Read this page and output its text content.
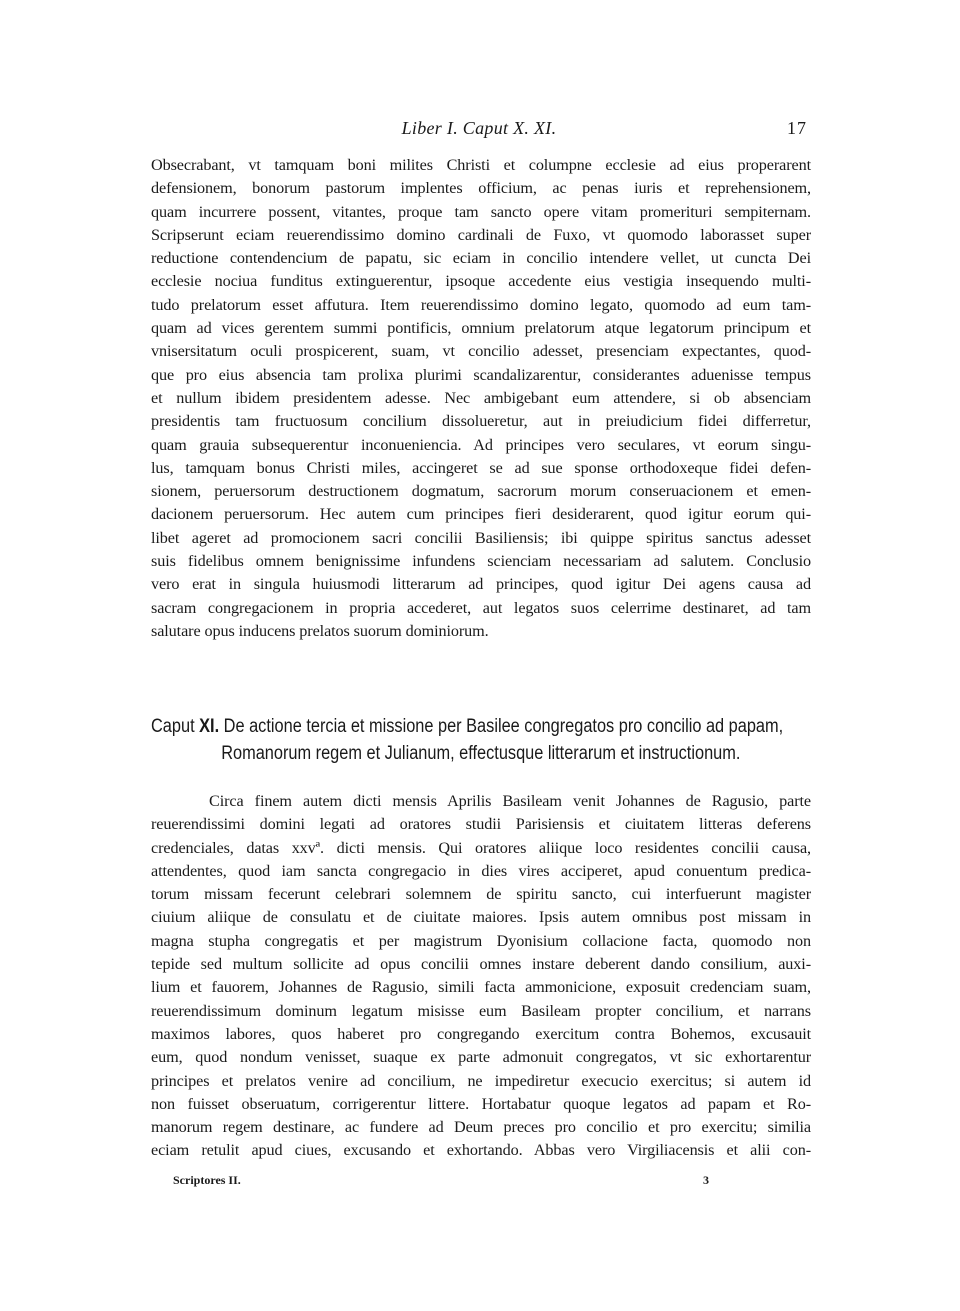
Liber I. Caput X. XI.	17
Obsecrabant, vt tamquam boni milites Christi et columpne ecclesie ad eius properarent
defensionem, bonorum pastorum implentes officium, ac penas iuris et reprehensionem,
quam incurrere possent, vitantes, proque tam sancto opere vitam promerituri sempiternam.
Scripserunt eciam reuerendissimo domino cardinali de Fuxo, vt quomodo laborasset super
reductione contendencium de papatu, sic eciam in concilio intendere vellet, ut cuncta Dei
ecclesie nociua funditus extinguerentur, ipsoque accedente eius vestigia insequendo multi-
tudo prelatorum esset affutura. Item reuerendissimo domino legato, quomodo ad eum tam-
quam ad vices gerentem summi pontificis, omnium prelatorum atque legatorum principum et
vnisersitatum oculi prospicerent, suam, vt concilio adesset, presenciam expectantes, quod-
que pro eius absencia tam prolixa plurimi scandalizarentur, considerantes aduenisse tempus
et nullum ibidem presidentem adesse. Nec ambigebant eum attendere, si ob absenciam
presidentis tam fructuosum concilium dissolueretur, aut in preiudicium fidei differretur,
quam grauia subsequerentur inconueniencia. Ad principes vero seculares, vt eorum singu-
lus, tamquam bonus Christi miles, accingeret se ad sue sponse orthodoxeque fidei defen-
sionem, peruersorum destructionem dogmatum, sacrorum morum conseruacionem et emen-
dacionem peruersorum. Hec autem cum principes fieri desiderarent, quod igitur eorum qui-
libet ageret ad promocionem sacri concilii Basiliensis; ibi quippe spiritus sanctus adesset
suis fidelibus omnem benignissime infundens scienciam necessariam ad salutem. Conclusio
vero erat in singula huiusmodi litterarum ad principes, quod igitur Dei agens causa ad
sacram congregacionem in propria accederet, aut legatos suos celerrime destinaret, ad tam
salutare opus inducens prelatos suorum dominiorum.
Caput XI. De actione tercia et missione per Basilee congregatos pro concilio ad papam,
Romanorum regem et Julianum, effectusque litterarum et instructionum.
Circa finem autem dicti mensis Aprilis Basileam venit Johannes de Ragusio, parte
reuerendissimi domini legati ad oratores studii Parisiensis et ciuitatem litteras deferens
credenciales, datas xxvª. dicti mensis. Qui oratores aliique loco residentes concilii causa,
attendentes, quod iam sancta congregacio in dies vires acciperet, apud conuentum predica-
torum missam fecerunt celebrari solemnem de spiritu sancto, cui interfuerunt magister
ciuium aliique de consulatu et de ciuitate maiores. Ipsis autem omnibus post missam in
magna stupha congregatis et per magistrum Dyonisium collacione facta, quomodo non
tepide sed multum sollicite ad opus concilii omnes instare deberent dando consilium, auxi-
lium et fauorem, Johannes de Ragusio, simili facta ammonicione, exposuit credenciam suam,
reuerendissimum dominum legatum misisse eum Basileam propter concilium, et narrans
maximos labores, quos haberet pro congregando exercitum contra Bohemos, excusauit
eum, quod nondum venisset, suaque ex parte admonuit congregatos, vt sic exhortarentur
principes et prelatos venire ad concilium, ne impediretur execucio exercitus; si autem id
non fuisset obseruatum, corrigerentur littere. Hortabatur quoque legatos ad papam et Ro-
manorum regem destinare, ac fundere ad Deum preces pro concilio et pro exercitu; similia
eciam retulit apud ciues, excusando et exhortando. Abbas vero Virgiliacensis et alii con-
Scriptores II.	3
